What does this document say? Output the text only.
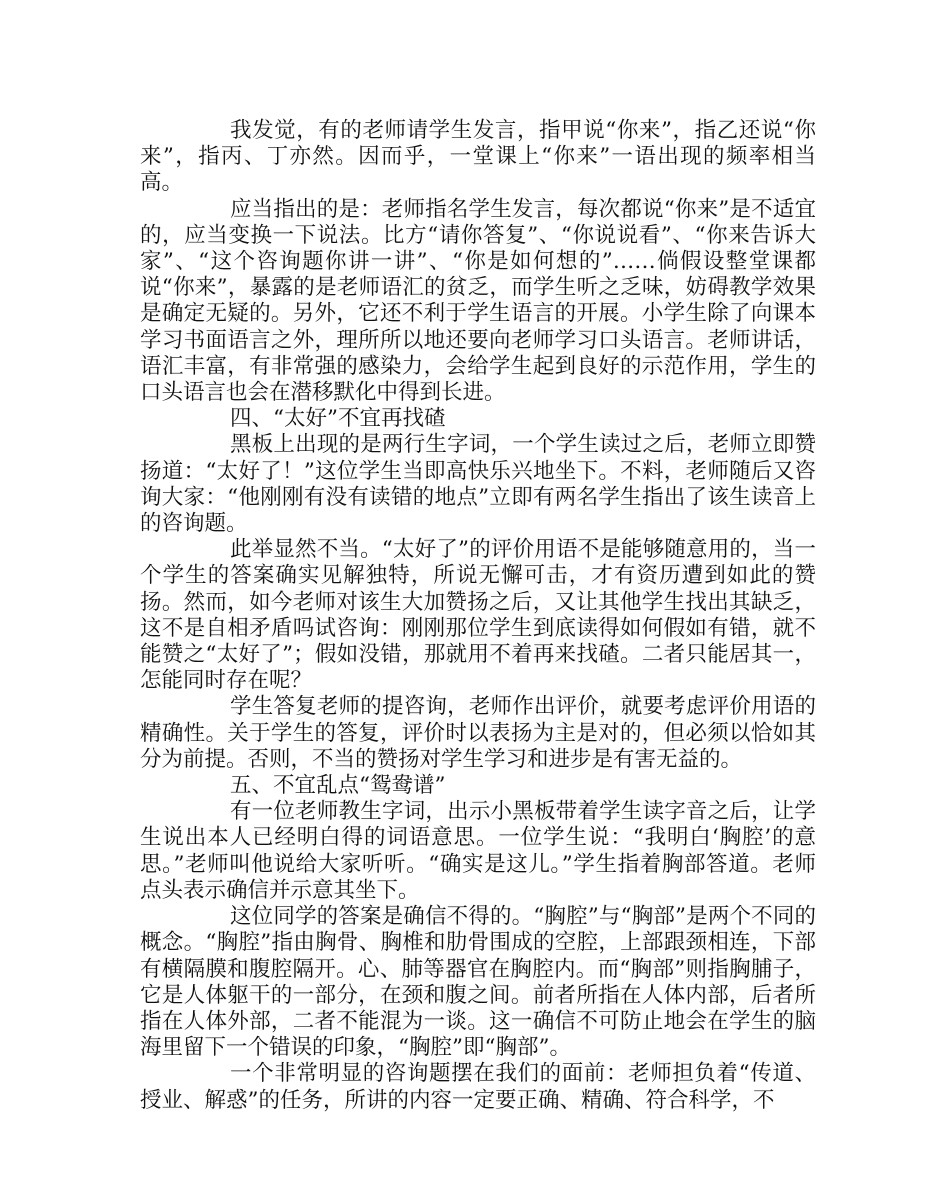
我发觉，有的老师请学生发言，指甲说“你来”，指乙还说“你来”，指丙、丁亦然。因而乎，一堂课上“你来”一语出现的频率相当高。

应当指出的是：老师指名学生发言，每次都说“你来”是不适宜的，应当变换一下说法。比方“请你答复”、“你说说看”、“你来告诉大家”、“这个咨询题你讲一讲”、“你是如何想的”……倘假设整堂课都说“你来”，暴露的是老师语汇的贫乏，而学生听之乏味，妨碍教学效果是确定无疑的。另外，它还不利于学生语言的开展。小学生除了向课本学习书面语言之外，理所所以地还要向老师学习口头语言。老师讲话，语汇丰富，有非常强的感染力，会给学生起到良好的示范作用，学生的口头语言也会在潜移默化中得到长进。

四、“太好”不宜再找碴

黑板上出现的是两行生字词，一个学生读过之后，老师立即赞扬道：“太好了！”这位学生当即高快乐兴地坐下。不料，老师随后又咨询大家：“他刚刚有没有读错的地点”立即有两名学生指出了该生读音上的咨询题。

此举显然不当。“太好了”的评价用语不是能够随意用的，当一个学生的答案确实见解独特，所说无懈可击，才有资历遭到如此的赞扬。然而，如今老师对该生大加赞扬之后，又让其他学生找出其缺乏，这不是自相矛盾吗试咨询：刚刚那位学生到底读得如何假如有错，就不能赞之“太好了”；假如没错，那就用不着再来找碴。二者只能居其一，怎能同时存在呢？

学生答复老师的提咨询，老师作出评价，就要考虑评价用语的精确性。关于学生的答复，评价时以表扬为主是对的，但必须以恰如其分为前提。否则，不当的赞扬对学生学习和进步是有害无益的。

五、不宜乱点“鸳鸯谱”

有一位老师教生字词，出示小黑板带着学生读字音之后，让学生说出本人已经明白得的词语意思。一位学生说：“我明白‘胸腔’的意思。”老师叫他说给大家听听。“确实是这儿。”学生指着胸部答道。老师点头表示确信并示意其坐下。

这位同学的答案是确信不得的。“胸腔”与“胸部”是两个不同的概念。“胸腔”指由胸骨、胸椎和肋骨围成的空腔，上部跟颈相连，下部有横隔膜和腹腔隔开。心、肺等器官在胸腔内。而“胸部”则指胸脯子，它是人体躯干的一部分，在颈和腹之间。前者所指在人体内部，后者所指在人体外部，二者不能混为一谈。这一确信不可防止地会在学生的脑海里留下一个错误的印象，“胸腔”即“胸部”。

一个非常明显的咨询题摆在我们的面前：老师担负着“传道、授业、解惑”的任务，所讲的内容一定要正确、精确、符合科学，不
